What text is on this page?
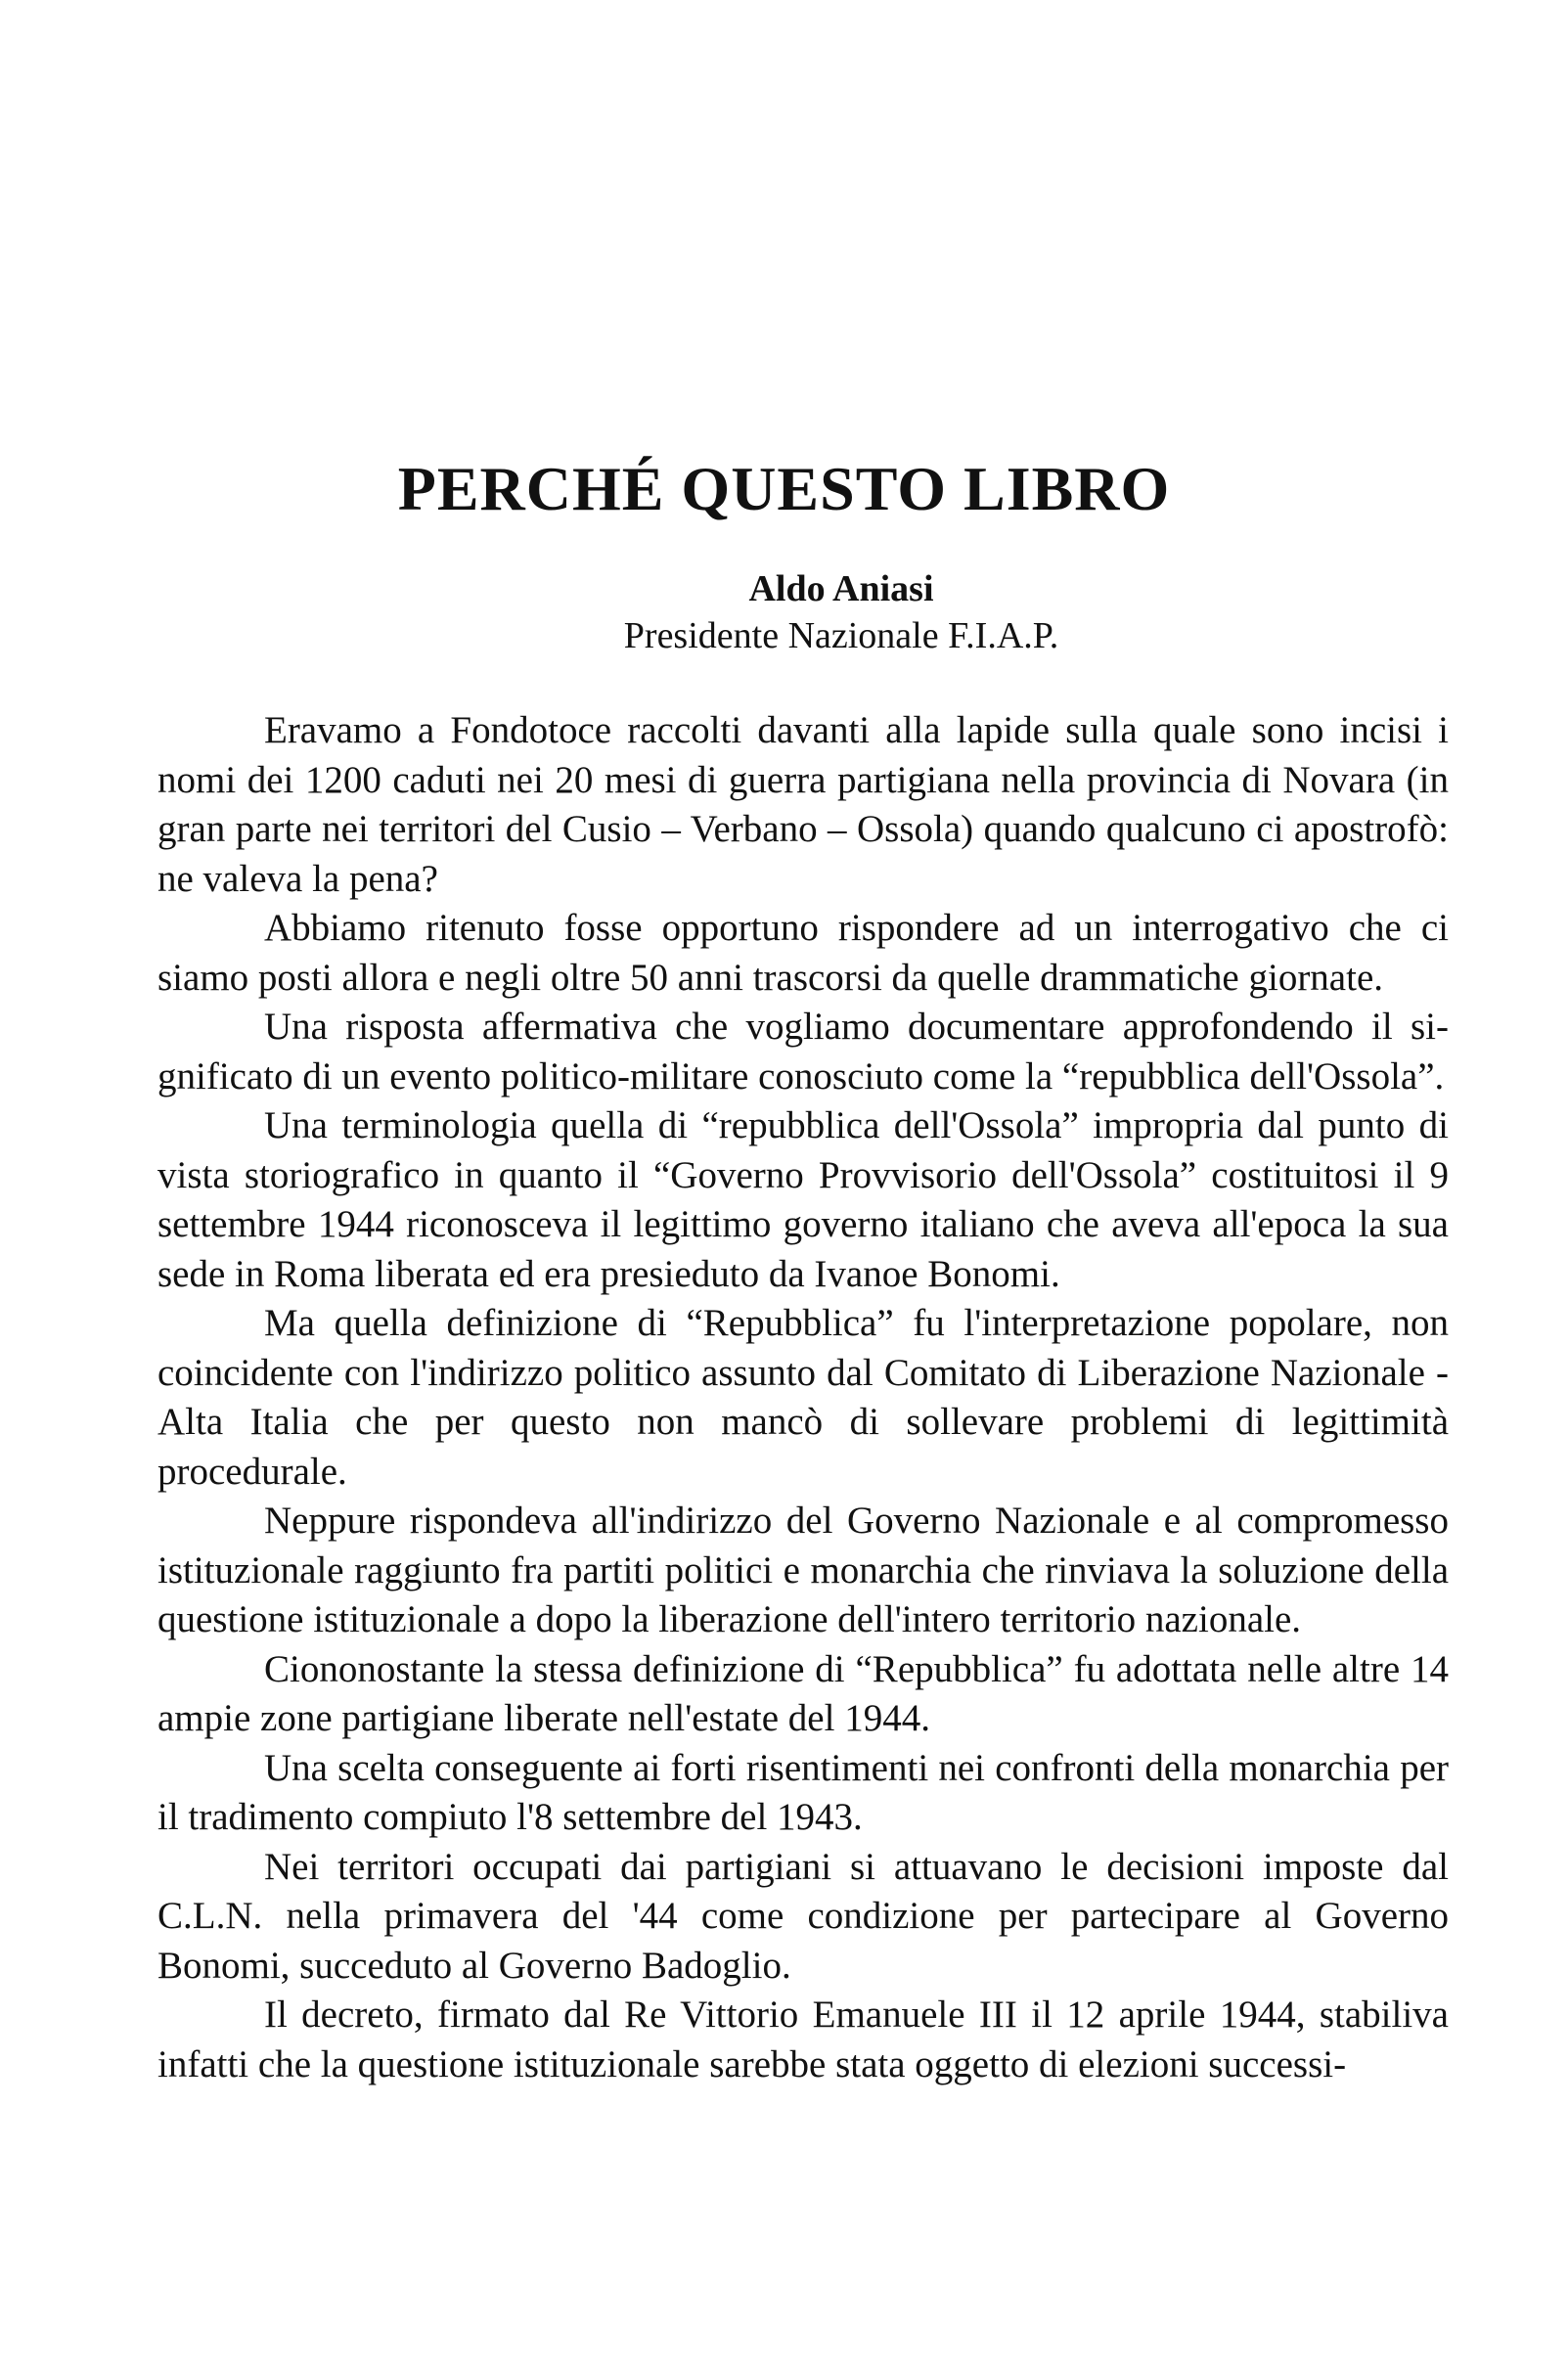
PERCHÉ QUESTO LIBRO
Aldo Aniasi
Presidente Nazionale F.I.A.P.

Eravamo a Fondotoce raccolti davanti alla lapide sulla quale sono incisi i nomi dei 1200 caduti nei 20 mesi di guerra partigiana nella provincia di Novara (in gran parte nei territori del Cusio – Verbano – Ossola) quando qualcuno ci apostrofò: ne valeva la pena?

Abbiamo ritenuto fosse opportuno rispondere ad un interrogativo che ci siamo posti allora e negli oltre 50 anni trascorsi da quelle drammatiche giornate.

Una risposta affermativa che vogliamo documentare approfondendo il significato di un evento politico-militare conosciuto come la “repubblica dell'Ossola”.

Una terminologia quella di “repubblica dell'Ossola” impropria dal punto di vista storiografico in quanto il “Governo Provvisorio dell'Ossola” costituitosi il 9 settembre 1944 riconosceva il legittimo governo italiano che aveva all'epoca la sua sede in Roma liberata ed era presieduto da Ivanoe Bonomi.

Ma quella definizione di “Repubblica” fu l'interpretazione popolare, non coincidente con l'indirizzo politico assunto dal Comitato di Liberazione Nazionale - Alta Italia che per questo non mancò di sollevare problemi di legittimità procedurale.

Neppure rispondeva all'indirizzo del Governo Nazionale e al compromesso istituzionale raggiunto fra partiti politici e monarchia che rinviava la soluzione della questione istituzionale a dopo la liberazione dell'intero territorio nazionale.

Ciononostante la stessa definizione di “Repubblica” fu adottata nelle altre 14 ampie zone partigiane liberate nell'estate del 1944.

Una scelta conseguente ai forti risentimenti nei confronti della monarchia per il tradimento compiuto l'8 settembre del 1943.

Nei territori occupati dai partigiani si attuavano le decisioni imposte dal C.L.N. nella primavera del '44 come condizione per partecipare al Governo Bonomi, succeduto al Governo Badoglio.

Il decreto, firmato dal Re Vittorio Emanuele III il 12 aprile 1944, stabiliva infatti che la questione istituzionale sarebbe stata oggetto di elezioni successi-
